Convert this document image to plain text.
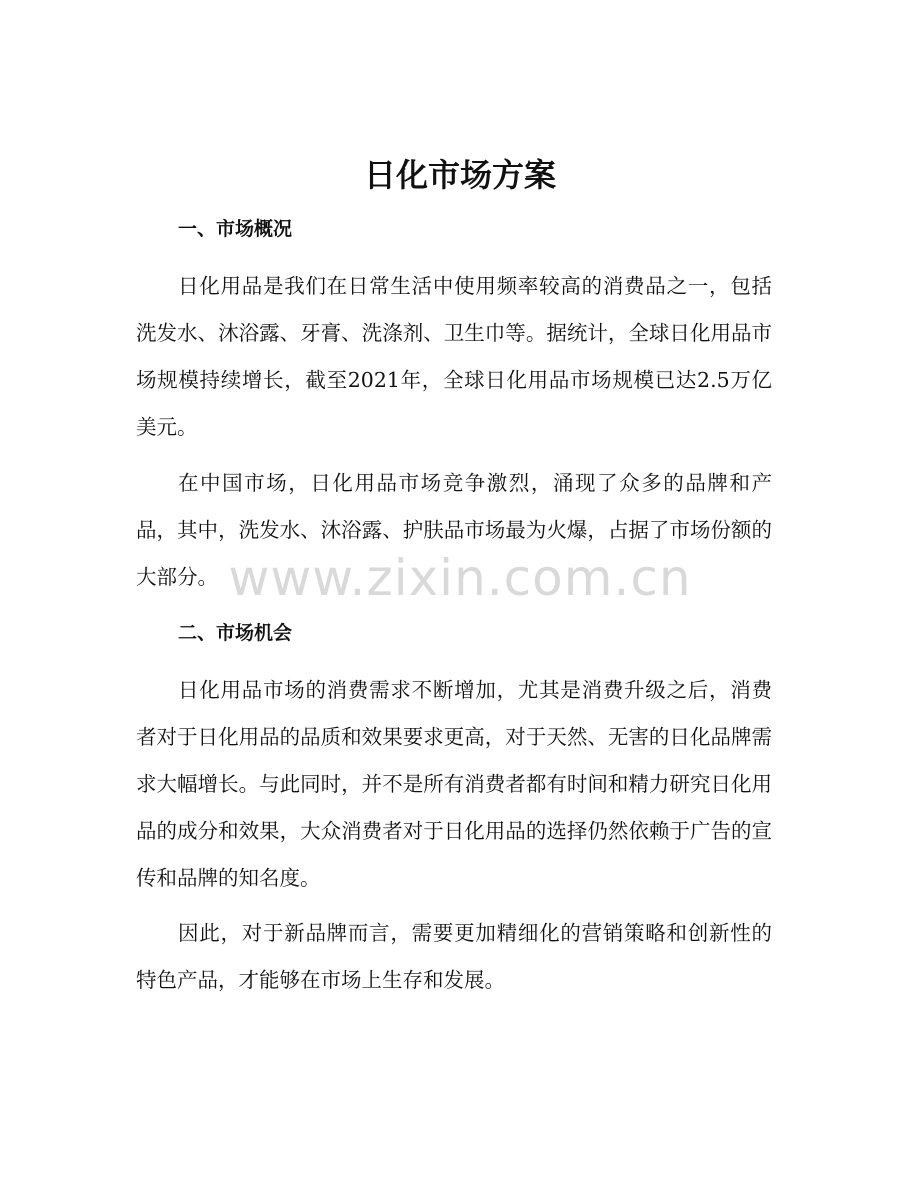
日化市场方案
一、市场概况

日化用品是我们在日常生活中使用频率较高的消费品之一，包括洗发水、沐浴露、牙膏、洗涤剂、卫生巾等。据统计，全球日化用品市场规模持续增长，截至2021年，全球日化用品市场规模已达2.5万亿美元。

在中国市场，日化用品市场竞争激烈，涌现了众多的品牌和产品，其中，洗发水、沐浴露、护肤品市场最为火爆，占据了市场份额的大部分。

二、市场机会

日化用品市场的消费需求不断增加，尤其是消费升级之后，消费者对于日化用品的品质和效果要求更高，对于天然、无害的日化品牌需求大幅增长。与此同时，并不是所有消费者都有时间和精力研究日化用品的成分和效果，大众消费者对于日化用品的选择仍然依赖于广告的宣传和品牌的知名度。

因此，对于新品牌而言，需要更加精细化的营销策略和创新性的特色产品，才能够在市场上生存和发展。

www.zixin.com.cn
